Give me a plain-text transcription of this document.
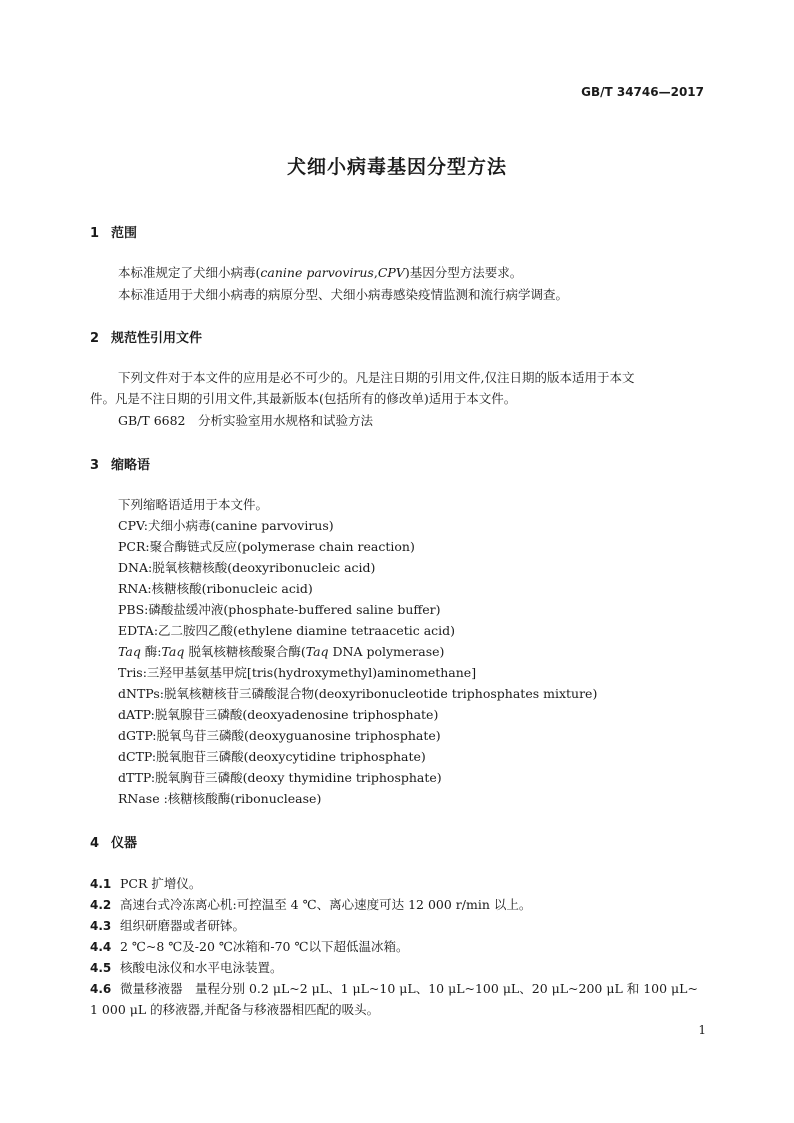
GB/T 34746—2017
犬细小病毒基因分型方法
1 范围
本标准规定了犬细小病毒(canine parvovirus,CPV)基因分型方法要求。
本标准适用于犬细小病毒的病原分型、犬细小病毒感染疫情监测和流行病学调查。
2 规范性引用文件
下列文件对于本文件的应用是必不可少的。凡是注日期的引用文件,仅注日期的版本适用于本文
件。凡是不注日期的引用文件,其最新版本(包括所有的修改单)适用于本文件。
GB/T 6682　分析实验室用水规格和试验方法
3 缩略语
下列缩略语适用于本文件。
CPV:犬细小病毒(canine parvovirus)
PCR:聚合酶链式反应(polymerase chain reaction)
DNA:脱氧核糖核酸(deoxyribonucleic acid)
RNA:核糖核酸(ribonucleic acid)
PBS:磷酸盐缓冲液(phosphate-buffered saline buffer)
EDTA:乙二胺四乙酸(ethylene diamine tetraacetic acid)
Taq 酶:Taq 脱氧核糖核酸聚合酶(Taq DNA polymerase)
Tris:三羟甲基氨基甲烷[tris(hydroxymethyl)aminomethane]
dNTPs:脱氧核糖核苷三磷酸混合物(deoxyribonucleotide triphosphates mixture)
dATP:脱氧腺苷三磷酸(deoxyadenosine triphosphate)
dGTP:脱氧鸟苷三磷酸(deoxyguanosine triphosphate)
dCTP:脱氧胞苷三磷酸(deoxycytidine triphosphate)
dTTP:脱氧胸苷三磷酸(deoxy thymidine triphosphate)
RNase :核糖核酸酶(ribonuclease)
4 仪器
4.1 PCR 扩增仪。
4.2 高速台式冷冻离心机:可控温至 4 ℃、离心速度可达 12 000 r/min 以上。
4.3 组织研磨器或者研钵。
4.4 2 ℃~8 ℃及-20 ℃冰箱和-70 ℃以下超低温冰箱。
4.5 核酸电泳仪和水平电泳装置。
4.6 微量移液器　量程分别 0.2 μL~2 μL、1 μL~10 μL、10 μL~100 μL、20 μL~200 μL 和 100 μL~
1 000 μL 的移液器,并配备与移液器相匹配的吸头。
1
